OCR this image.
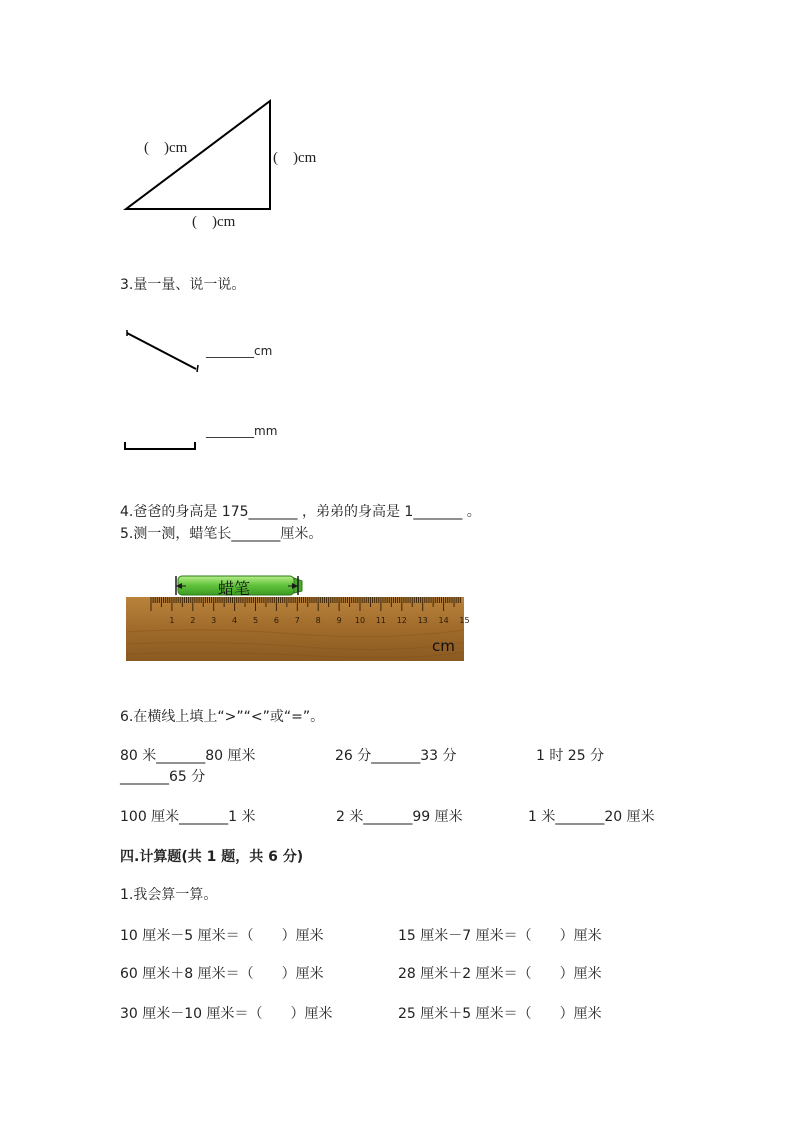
(　)cm
(　)cm
(　)cm
3.量一量、说一说。
________cm
________mm
4.爸爸的身高是 175_______ ，弟弟的身高是 1_______ 。
5.测一测，蜡笔长_______厘米。
1 2 3 4 5 6 7 8 9 10 11 12 13 14 15
蜡笔
cm
6.在横线上填上“>”“<”或“=”。
80 米_______80 厘米	26 分_______33 分	1 时 25 分
_______65 分
100 厘米_______1 米	2 米_______99 厘米	1 米_______20 厘米
四.计算题(共 1 题，共 6 分)
1.我会算一算。
10 厘米－5 厘米＝（　　）厘米	15 厘米－7 厘米＝（　　）厘米
60 厘米＋8 厘米＝（　　）厘米	28 厘米＋2 厘米＝（　　）厘米
30 厘米－10 厘米＝（　　）厘米	25 厘米＋5 厘米＝（　　）厘米
